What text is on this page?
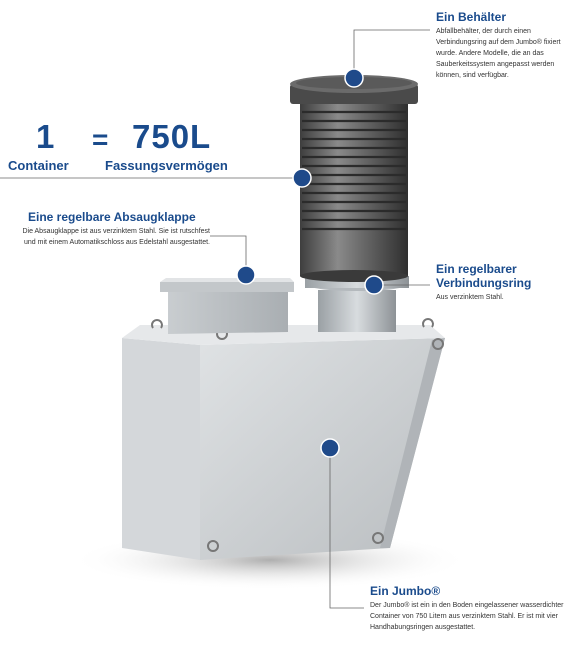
1 = 750L
Container	Fassungsvermögen
Ein Behälter
Abfallbehälter, der durch einen Verbindungsring auf dem Jumbo® fixiert wurde. Andere Modelle, die an das Sauberkeitssystem angepasst werden können, sind verfügbar.
Eine regelbare Absaugklappe
Die Absaugklappe ist aus verzinktem Stahl. Sie ist rutschfest und mit einem Automatikschloss aus Edelstahl ausgestattet.
Ein regelbarer
Verbindungsring
Aus verzinktem Stahl.
Ein Jumbo®
Der Jumbo® ist ein in den Boden eingelassener wasserdichter Container von 750 Litern aus verzinktem Stahl. Er ist mit vier Handhabungsringen ausgestattet.
